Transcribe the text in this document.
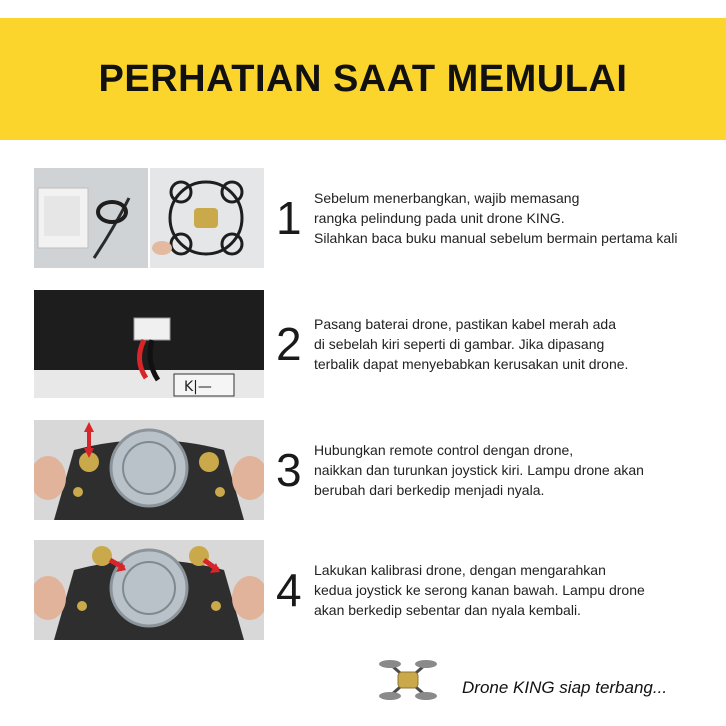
PERHATIAN SAAT MEMULAI
1 Sebelum menerbangkan, wajib memasang
rangka pelindung pada unit drone KING.
Silahkan baca buku manual sebelum bermain pertama kali
K|—
2 Pasang baterai drone, pastikan kabel merah ada
di sebelah kiri seperti di gambar. Jika dipasang
terbalik dapat menyebabkan kerusakan unit drone.
3 Hubungkan remote control dengan drone,
naikkan dan turunkan joystick kiri. Lampu drone akan
berubah dari berkedip menjadi nyala.
4 Lakukan kalibrasi drone, dengan mengarahkan
kedua joystick ke serong kanan bawah. Lampu drone
akan berkedip sebentar dan nyala kembali.
Drone KING siap terbang...
